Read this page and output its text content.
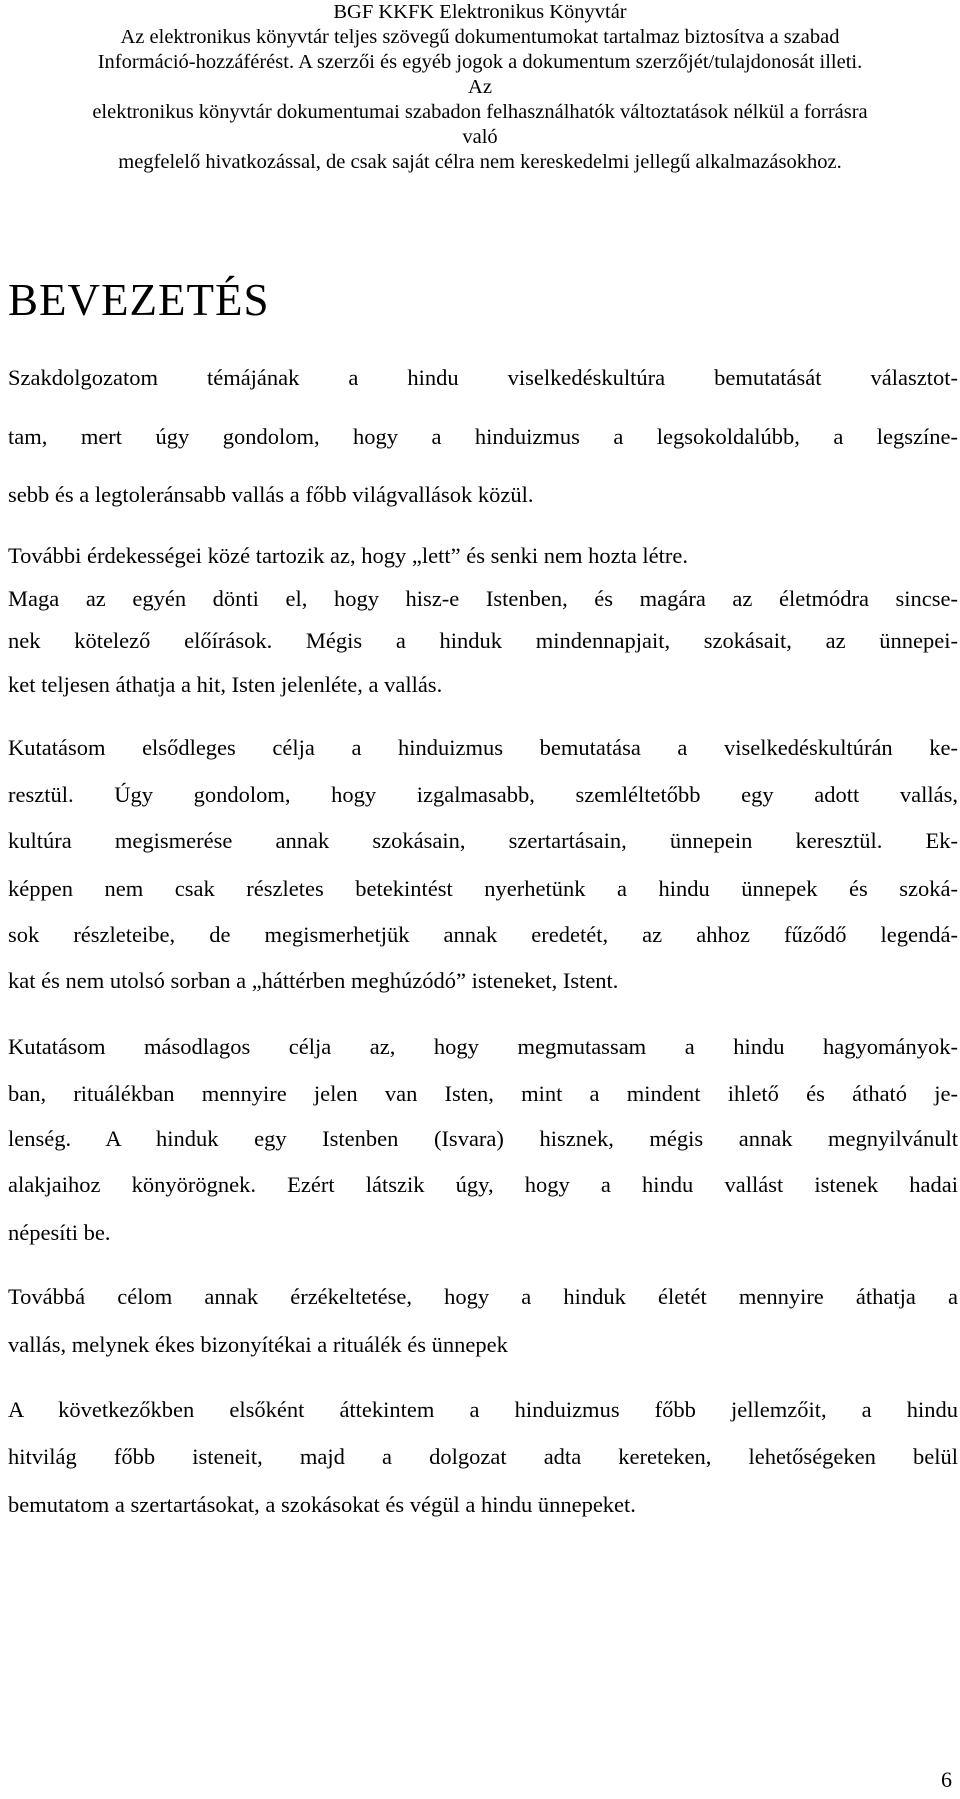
BGF KKFK Elektronikus Könyvtár
Az elektronikus könyvtár teljes szövegű dokumentumokat tartalmaz biztosítva a szabad
Információ-hozzáférést. A szerzői és egyéb jogok a dokumentum szerzőjét/tulajdonosát illeti.
Az
elektronikus könyvtár dokumentumai szabadon felhasználhatók változtatások nélkül a forrásra
való
megfelelő hivatkozással, de csak saját célra nem kereskedelmi jellegű alkalmazásokhoz.
BEVEZETÉS
Szakdolgozatom témájának a hindu viselkedéskultúra bemutatását választot-
tam, mert úgy gondolom, hogy a hinduizmus a legsokoldalúbb, a legszíne-
sebb és a legtoleránsabb vallás a főbb világvallások közül.
További érdekességei közé tartozik az, hogy „lett” és senki nem hozta létre.
Maga az egyén dönti el, hogy hisz-e Istenben, és magára az életmódra sincse-
nek kötelező előírások. Mégis a hinduk mindennapjait, szokásait, az ünnepei-
ket teljesen áthatja a hit, Isten jelenléte, a vallás.
Kutatásom elsődleges célja a hinduizmus bemutatása a viselkedéskultúrán ke-
resztül. Úgy gondolom, hogy izgalmasabb, szemléltetőbb egy adott vallás,
kultúra megismerése annak szokásain, szertartásain, ünnepein keresztül. Ek-
képpen nem csak részletes betekintést nyerhetünk a hindu ünnepek és szoká-
sok részleteibe, de megismerhetjük annak eredetét, az ahhoz fűződő legendá-
kat és nem utolsó sorban a „háttérben meghúzódó” isteneket, Istent.
Kutatásom másodlagos célja az, hogy megmutassam a hindu hagyományok-
ban, rituálékban mennyire jelen van Isten, mint a mindent ihlető és átható je-
lenség. A hinduk egy Istenben (Isvara) hisznek, mégis annak megnyilvánult
alakjaihoz könyörögnek. Ezért látszik úgy, hogy a hindu vallást istenek hadai
népesíti be.
Továbbá célom annak érzékeltetése, hogy a hinduk életét mennyire áthatja a
vallás, melynek ékes bizonyítékai a rituálék és ünnepek
A következőkben elsőként áttekintem a hinduizmus főbb jellemzőit, a hindu
hitvilág főbb isteneit, majd a dolgozat adta kereteken, lehetőségeken belül
bemutatom a szertartásokat, a szokásokat és végül a hindu ünnepeket.
6
